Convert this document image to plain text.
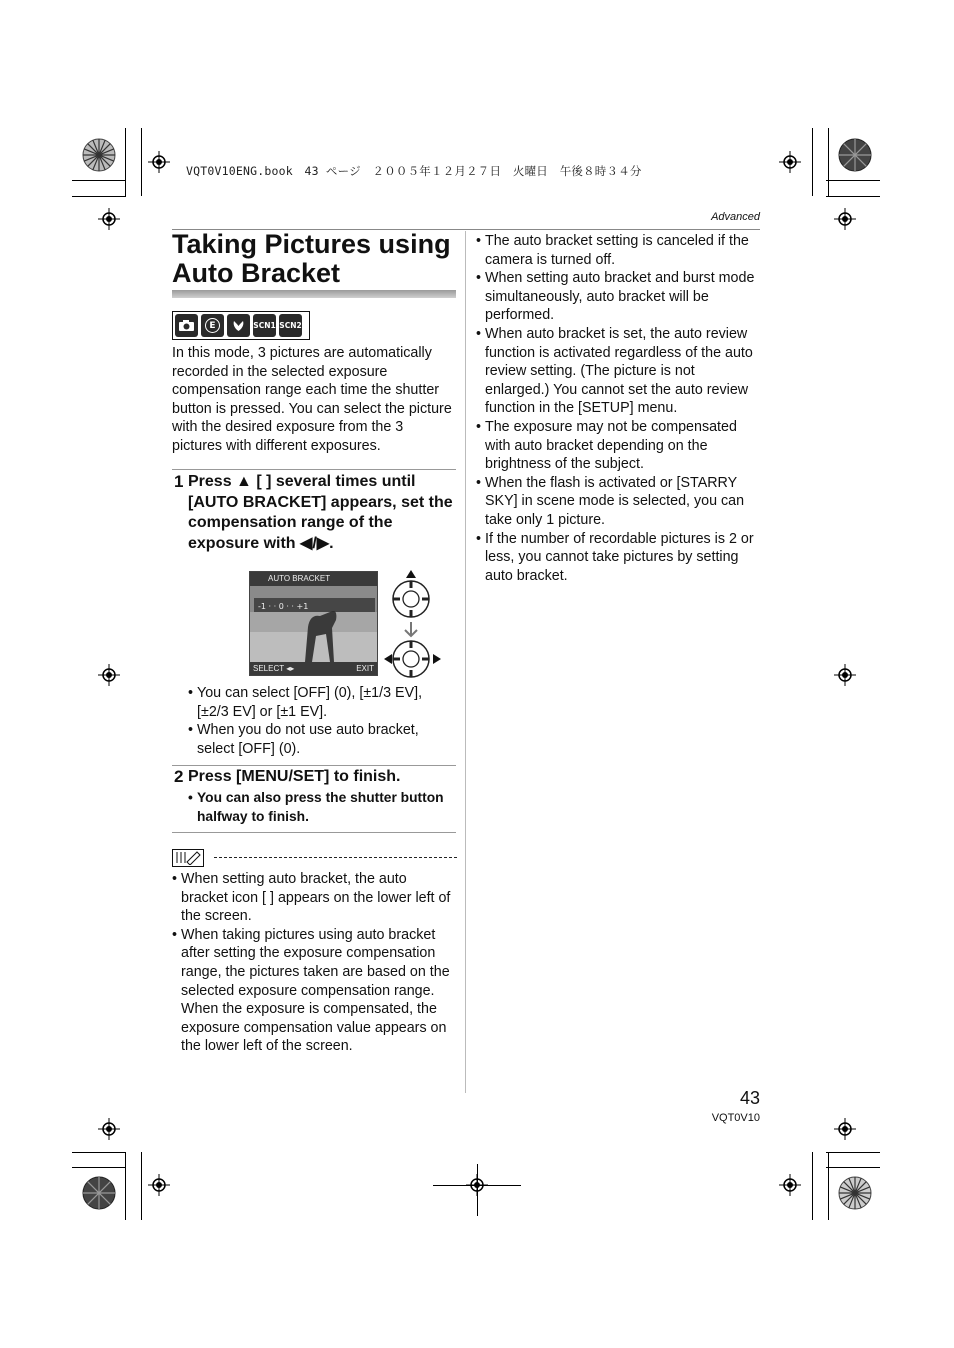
VQT0V10ENG.book　43 ページ　２００５年１２月２７日　火曜日　午後８時３４分
Advanced
Taking Pictures using Auto Bracket
E	SCN1 SCN2

In this mode, 3 pictures are automatically recorded in the selected exposure compensation range each time the shutter button is pressed. You can select the picture with the desired exposure from the 3 pictures with different exposures.

1 Press ▲ [ ] several times until [AUTO BRACKET] appears, set the compensation range of the exposure with ◀/▶.
-1 · · 0 · · +1
AUTO BRACKET
SELECT ◂▸	EXIT
• You can select [OFF] (0), [±1/3 EV], [±2/3 EV] or [±1 EV].
• When you do not use auto bracket, select [OFF] (0).
2 Press [MENU/SET] to finish.
• You can also press the shutter button halfway to finish.
• When setting auto bracket, the auto bracket icon [ ] appears on the lower left of the screen.
• When taking pictures using auto bracket after setting the exposure compensation range, the pictures taken are based on the selected exposure compensation range. When the exposure is compensated, the exposure compensation value appears on the lower left of the screen.
• The auto bracket setting is canceled if the camera is turned off.
• When setting auto bracket and burst mode simultaneously, auto bracket will be performed.
• When auto bracket is set, the auto review function is activated regardless of the auto review setting. (The picture is not enlarged.) You cannot set the auto review function in the [SETUP] menu.
• The exposure may not be compensated with auto bracket depending on the brightness of the subject.
• When the flash is activated or [STARRY SKY] in scene mode is selected, you can take only 1 picture.
• If the number of recordable pictures is 2 or less, you cannot take pictures by setting auto bracket.
43
VQT0V10
